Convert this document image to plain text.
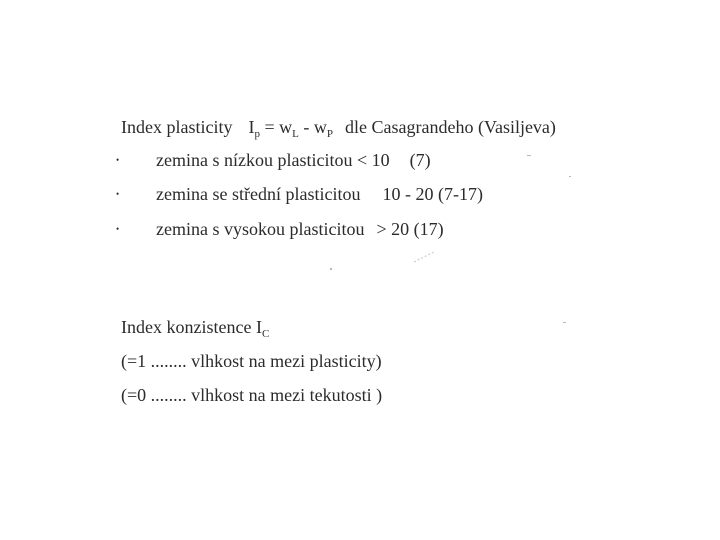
Index plasticity $I_p = w_L - w_P$ dle Casagrandeho (Vasiljeva)
• zemina s nízkou plasticitou < 10 (7)
• zemina se střední plasticitou 10 - 20 (7-17)
• zemina s vysokou plasticitou > 20 (17)
Index konzistence $I_C$
(=1 ........ vlhkost na mezi plasticity)
(=0 ........ vlhkost na mezi tekutosti )
